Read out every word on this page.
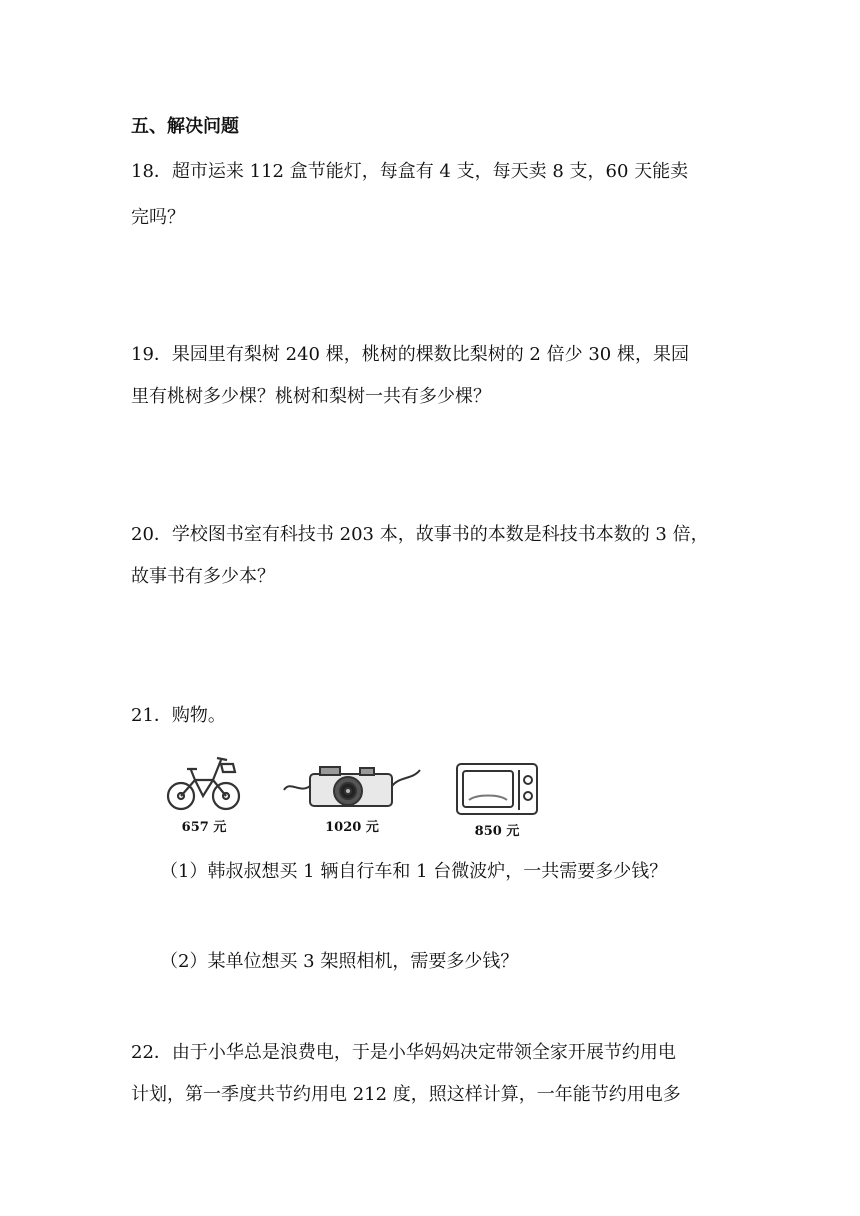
五、解决问题
18．超市运来 112 盒节能灯，每盒有 4 支，每天卖 8 支，60 天能卖
完吗？
19．果园里有梨树 240 棵，桃树的棵数比梨树的 2 倍少 30 棵，果园
里有桃树多少棵？桃树和梨树一共有多少棵？
20．学校图书室有科技书 203 本，故事书的本数是科技书本数的 3 倍，
故事书有多少本？
21．购物。
657 元	1020 元	850 元
（1）韩叔叔想买 1 辆自行车和 1 台微波炉，一共需要多少钱？
（2）某单位想买 3 架照相机，需要多少钱？
22．由于小华总是浪费电，于是小华妈妈决定带领全家开展节约用电
计划，第一季度共节约用电 212 度，照这样计算，一年能节约用电多
